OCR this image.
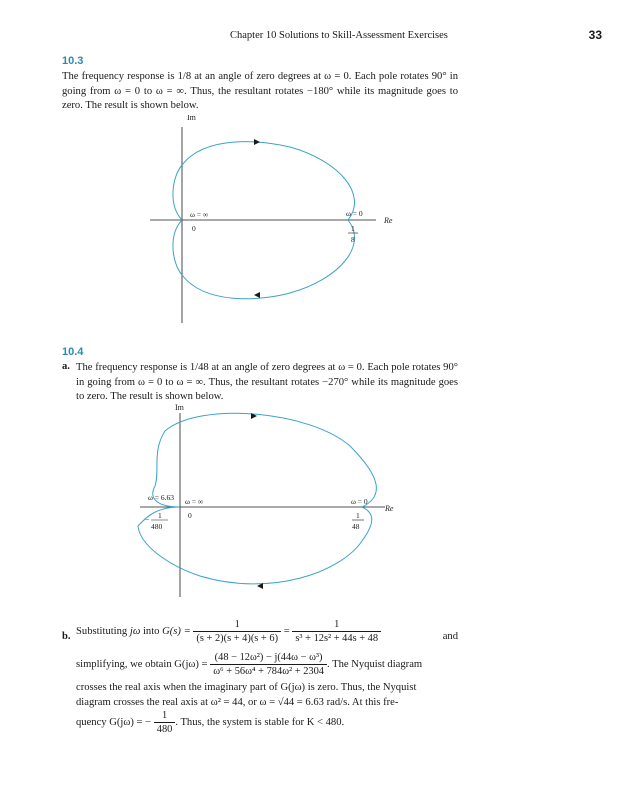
Chapter 10 Solutions to Skill-Assessment Exercises	33
10.3
The frequency response is 1/8 at an angle of zero degrees at ω = 0. Each pole rotates 90° in going from ω = 0 to ω = ∞. Thus, the resultant rotates −180° while its magnitude goes to zero. The result is shown below.
Im
Re
ω = ∞
0
ω = 0
1
8
10.4
a. The frequency response is 1/48 at an angle of zero degrees at ω = 0. Each pole rotates 90° in going from ω = 0 to ω = ∞. Thus, the resultant rotates −270° while its magnitude goes to zero. The result is shown below.
Im
Re
ω = 6.63 ω = ∞
0
ω = 0
− 1
480
1
48
b. Substituting jω into $G(s) = \frac{1}{(s + 2)(s + 4)(s + 6)} = \frac{1}{\text{s³ + 12s² + 44s + 48}}$	and
simplifying, we obtain $G(j\omega) = \frac{\text{(48 − 12ω²) − j(44ω − ω³)}}{\text{ω⁶ + 56ω⁴ + 784ω² + 2304}}$ . The Nyquist diagram
crosses the real axis when the imaginary part of G(jω) is zero. Thus, the Nyquist
diagram crosses the real axis at ω² = 44, or ω = √44 = 6.63 rad/s. At this fre-
quency G(jω) = − $\frac{1}{480}$ . Thus, the system is stable for K < 480.
